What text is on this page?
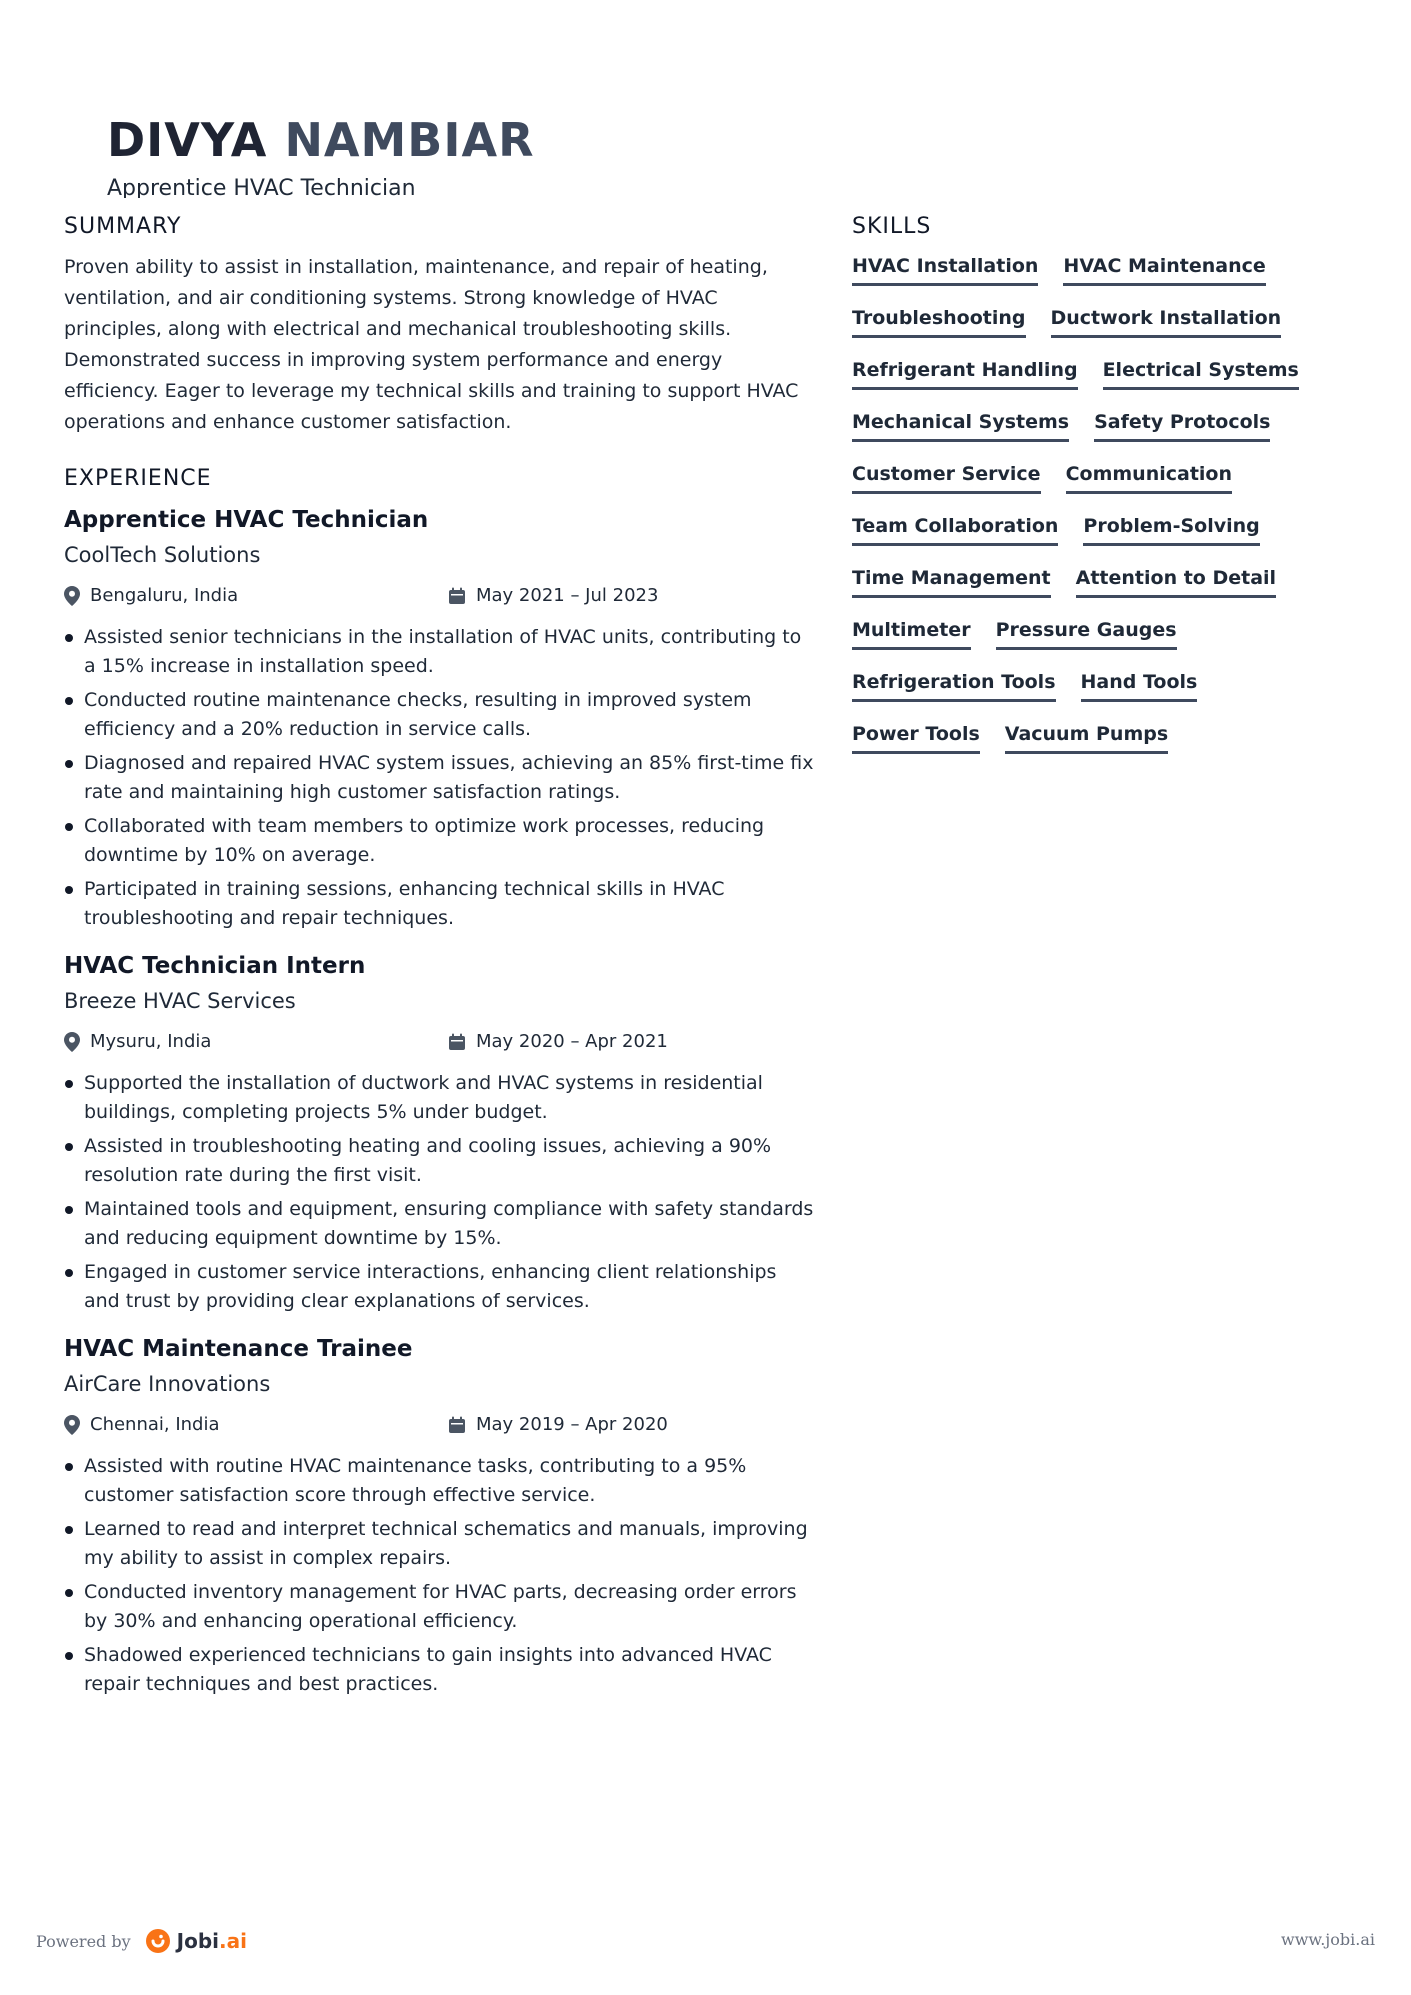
DIVYA NAMBIAR
Apprentice HVAC Technician
SUMMARY

Proven ability to assist in installation, maintenance, and repair of heating, ventilation, and air conditioning systems. Strong knowledge of HVAC principles, along with electrical and mechanical troubleshooting skills. Demonstrated success in improving system performance and energy efficiency. Eager to leverage my technical skills and training to support HVAC operations and enhance customer satisfaction.

EXPERIENCE
Apprentice HVAC Technician
CoolTech Solutions
Bengaluru, India	May 2021 – Jul 2023
Assisted senior technicians in the installation of HVAC units, contributing to a 15% increase in installation speed.
Conducted routine maintenance checks, resulting in improved system efficiency and a 20% reduction in service calls.
Diagnosed and repaired HVAC system issues, achieving an 85% first-time fix rate and maintaining high customer satisfaction ratings.
Collaborated with team members to optimize work processes, reducing downtime by 10% on average.
Participated in training sessions, enhancing technical skills in HVAC troubleshooting and repair techniques.
HVAC Technician Intern
Breeze HVAC Services
Mysuru, India	May 2020 – Apr 2021
Supported the installation of ductwork and HVAC systems in residential buildings, completing projects 5% under budget.
Assisted in troubleshooting heating and cooling issues, achieving a 90% resolution rate during the first visit.
Maintained tools and equipment, ensuring compliance with safety standards and reducing equipment downtime by 15%.
Engaged in customer service interactions, enhancing client relationships and trust by providing clear explanations of services.
HVAC Maintenance Trainee
AirCare Innovations
Chennai, India	May 2019 – Apr 2020
Assisted with routine HVAC maintenance tasks, contributing to a 95% customer satisfaction score through effective service.
Learned to read and interpret technical schematics and manuals, improving my ability to assist in complex repairs.
Conducted inventory management for HVAC parts, decreasing order errors by 30% and enhancing operational efficiency.
Shadowed experienced technicians to gain insights into advanced HVAC repair techniques and best practices.
SKILLS
HVAC Installation HVAC Maintenance
Troubleshooting Ductwork Installation
Refrigerant Handling Electrical Systems
Mechanical Systems Safety Protocols
Customer Service Communication
Team Collaboration Problem-Solving
Time Management Attention to Detail
Multimeter Pressure Gauges
Refrigeration Tools Hand Tools
Power Tools Vacuum Pumps
Powered by Jobi .ai	www.jobi.ai
